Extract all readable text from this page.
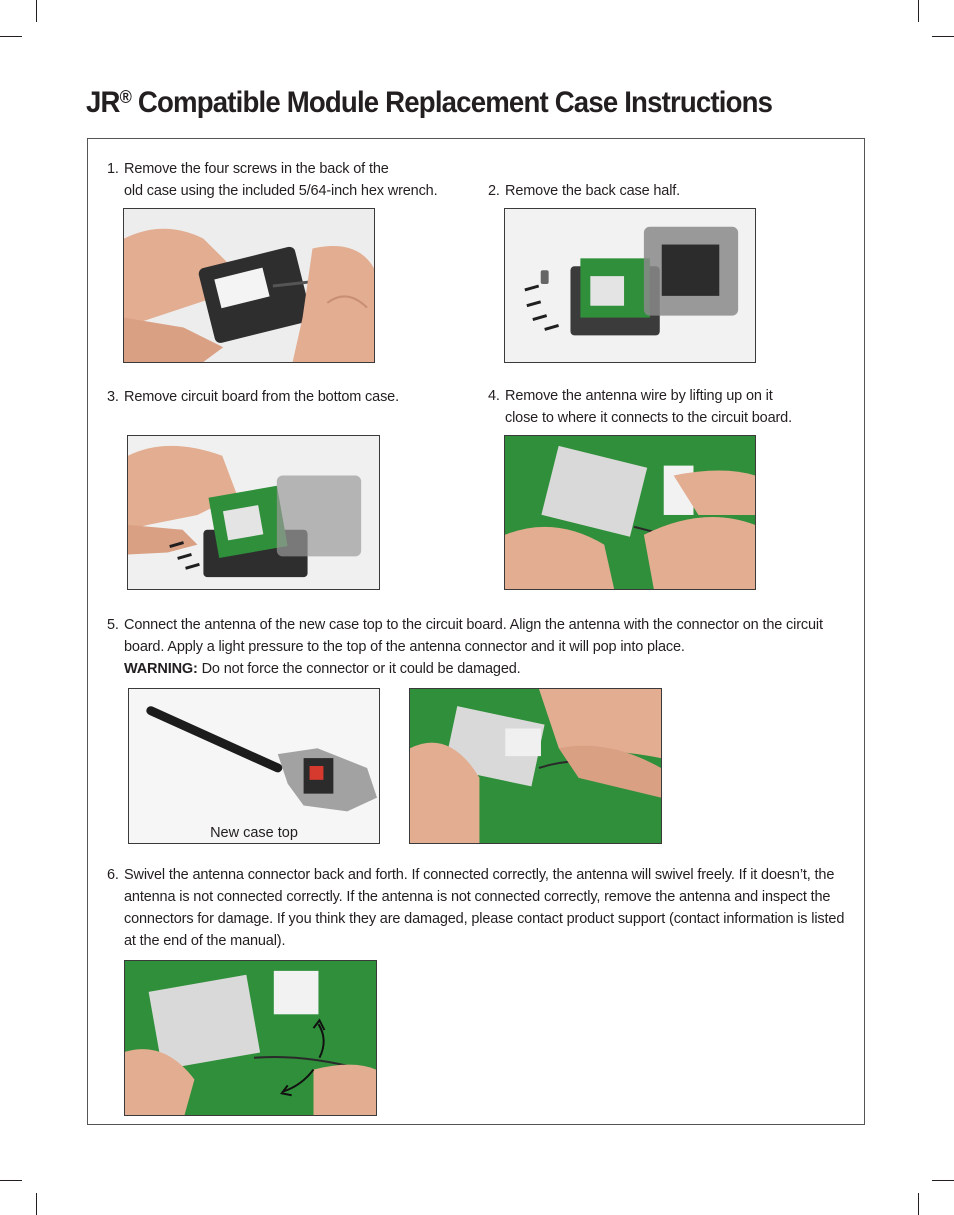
JR® Compatible Module Replacement Case Instructions
1. Remove the four screws in the back of the
old case using the included 5/64-inch hex wrench.	2. Remove the back case half.
3. Remove circuit board from the bottom case.	4. Remove the antenna wire by lifting up on it
close to where it connects to the circuit board.
5. Connect the antenna of the new case top to the circuit board. Align the antenna with the connector on the circuit
board. Apply a light pressure to the top of the antenna connector and it will pop into place.
WARNING: Do not force the connector or it could be damaged.
New case top
6. Swivel the antenna connector back and forth. If connected correctly, the antenna will swivel freely. If it doesn’t, the
antenna is not connected correctly. If the antenna is not connected correctly, remove the antenna and inspect the
connectors for damage. If you think they are damaged, please contact product support (contact information is listed
at the end of the manual).
